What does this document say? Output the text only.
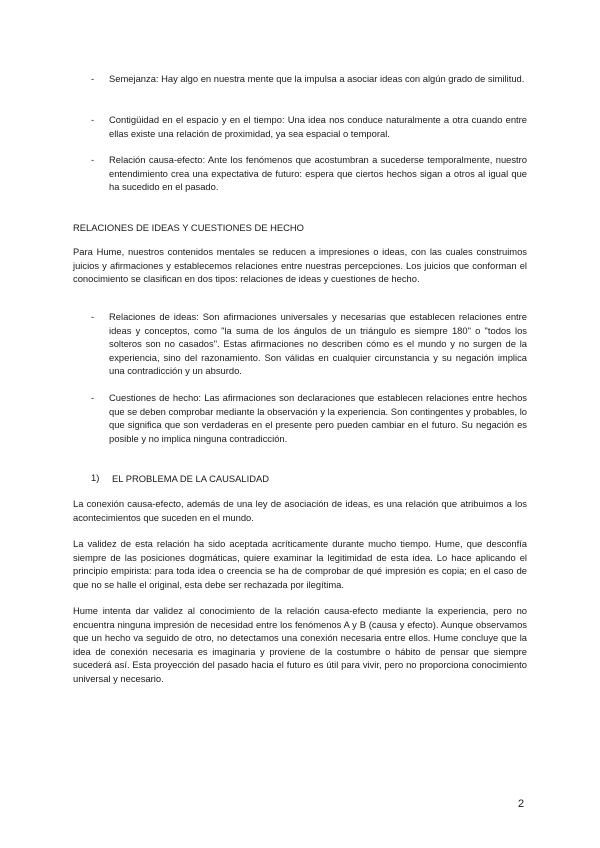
- Semejanza: Hay algo en nuestra mente que la impulsa a asociar ideas con algún grado de similitud.

- Contigüidad en el espacio y en el tiempo: Una idea nos conduce naturalmente a otra cuando entre ellas existe una relación de proximidad, ya sea espacial o temporal.

- Relación causa-efecto: Ante los fenómenos que acostumbran a sucederse temporalmente, nuestro entendimiento crea una expectativa de futuro: espera que ciertos hechos sigan a otros al igual que ha sucedido en el pasado.

RELACIONES DE IDEAS Y CUESTIONES DE HECHO

Para Hume, nuestros contenidos mentales se reducen a impresiones o ideas, con las cuales construimos juicios y afirmaciones y establecemos relaciones entre nuestras percepciones. Los juicios que conforman el conocimiento se clasifican en dos tipos: relaciones de ideas y cuestiones de hecho.

- Relaciones de ideas: Son afirmaciones universales y necesarias que establecen relaciones entre ideas y conceptos, como "la suma de los ángulos de un triángulo es siempre 180" o "todos los solteros son no casados". Estas afirmaciones no describen cómo es el mundo y no surgen de la experiencia, sino del razonamiento. Son válidas en cualquier circunstancia y su negación implica una contradicción y un absurdo.

- Cuestiones de hecho: Las afirmaciones son declaraciones que establecen relaciones entre hechos que se deben comprobar mediante la observación y la experiencia. Son contingentes y probables, lo que significa que son verdaderas en el presente pero pueden cambiar en el futuro. Su negación es posible y no implica ninguna contradicción.

1) EL PROBLEMA DE LA CAUSALIDAD

La conexión causa-efecto, además de una ley de asociación de ideas, es una relación que atribuimos a los acontecimientos que suceden en el mundo.

La validez de esta relación ha sido aceptada acríticamente durante mucho tiempo. Hume, que desconfía siempre de las posiciones dogmáticas, quiere examinar la legitimidad de esta idea. Lo hace aplicando el principio empirista: para toda idea o creencia se ha de comprobar de qué impresión es copia; en el caso de que no se halle el original, esta debe ser rechazada por ilegítima.

Hume intenta dar validez al conocimiento de la relación causa-efecto mediante la experiencia, pero no encuentra ninguna impresión de necesidad entre los fenómenos A y B (causa y efecto). Aunque observamos que un hecho va seguido de otro, no detectamos una conexión necesaria entre ellos. Hume concluye que la idea de conexión necesaria es imaginaria y proviene de la costumbre o hábito de pensar que siempre sucederá así. Esta proyección del pasado hacia el futuro es útil para vivir, pero no proporciona conocimiento universal y necesario.

2
